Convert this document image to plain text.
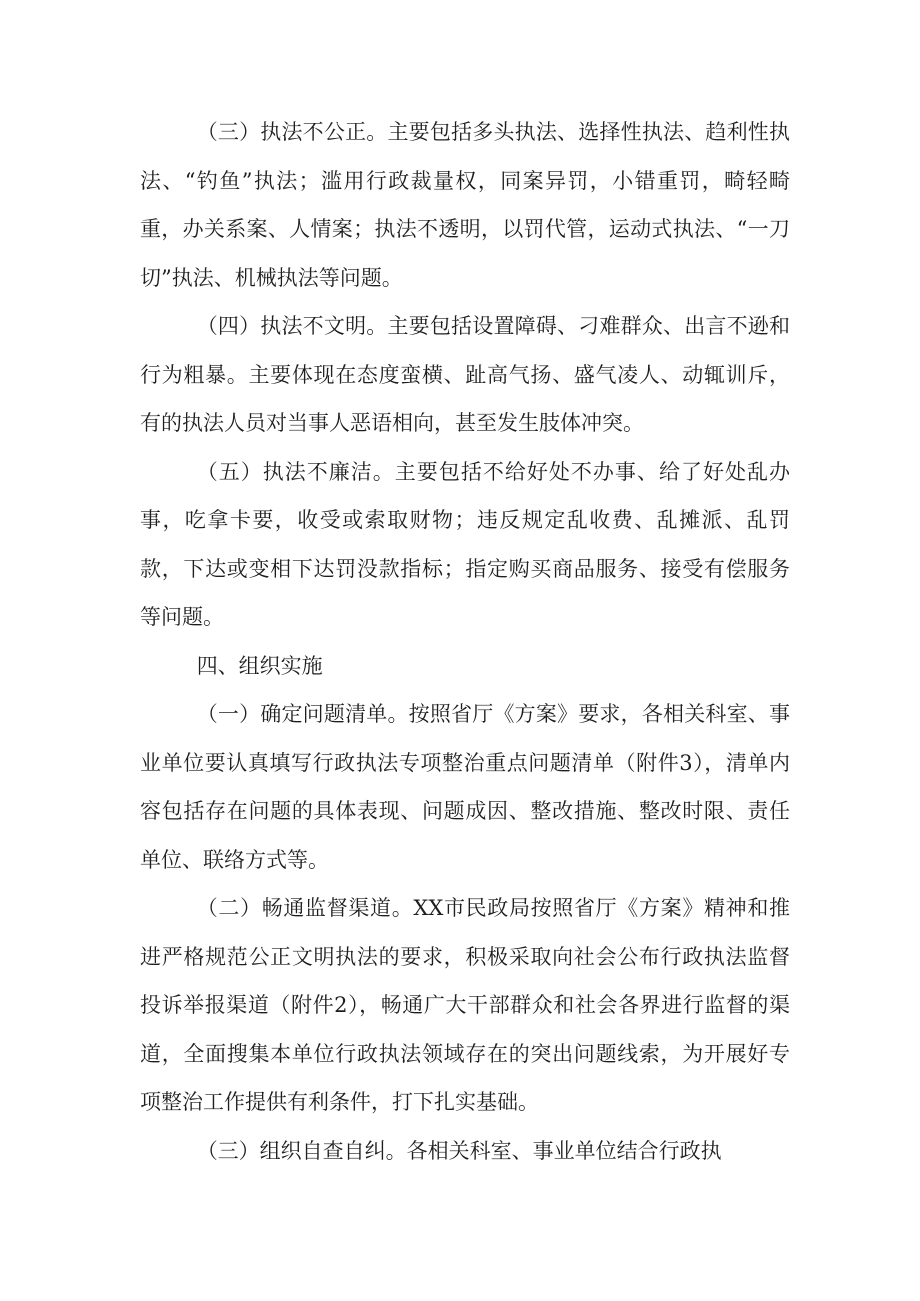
（三）执法不公正。主要包括多头执法、选择性执法、趋利性执法、“钓鱼”执法；滥用行政裁量权，同案异罚，小错重罚，畸轻畸重，办关系案、人情案；执法不透明，以罚代管，运动式执法、“一刀切”执法、机械执法等问题。

（四）执法不文明。主要包括设置障碍、刁难群众、出言不逊和行为粗暴。主要体现在态度蛮横、趾高气扬、盛气凌人、动辄训斥，有的执法人员对当事人恶语相向，甚至发生肢体冲突。

（五）执法不廉洁。主要包括不给好处不办事、给了好处乱办事，吃拿卡要，收受或索取财物；违反规定乱收费、乱摊派、乱罚款，下达或变相下达罚没款指标；指定购买商品服务、接受有偿服务等问题。

四、组织实施

（一）确定问题清单。按照省厅《方案》要求，各相关科室、事业单位要认真填写行政执法专项整治重点问题清单（附件3），清单内容包括存在问题的具体表现、问题成因、整改措施、整改时限、责任单位、联络方式等。

（二）畅通监督渠道。XX市民政局按照省厅《方案》精神和推进严格规范公正文明执法的要求，积极采取向社会公布行政执法监督投诉举报渠道（附件2），畅通广大干部群众和社会各界进行监督的渠道，全面搜集本单位行政执法领域存在的突出问题线索，为开展好专项整治工作提供有利条件，打下扎实基础。

（三）组织自查自纠。各相关科室、事业单位结合行政执
